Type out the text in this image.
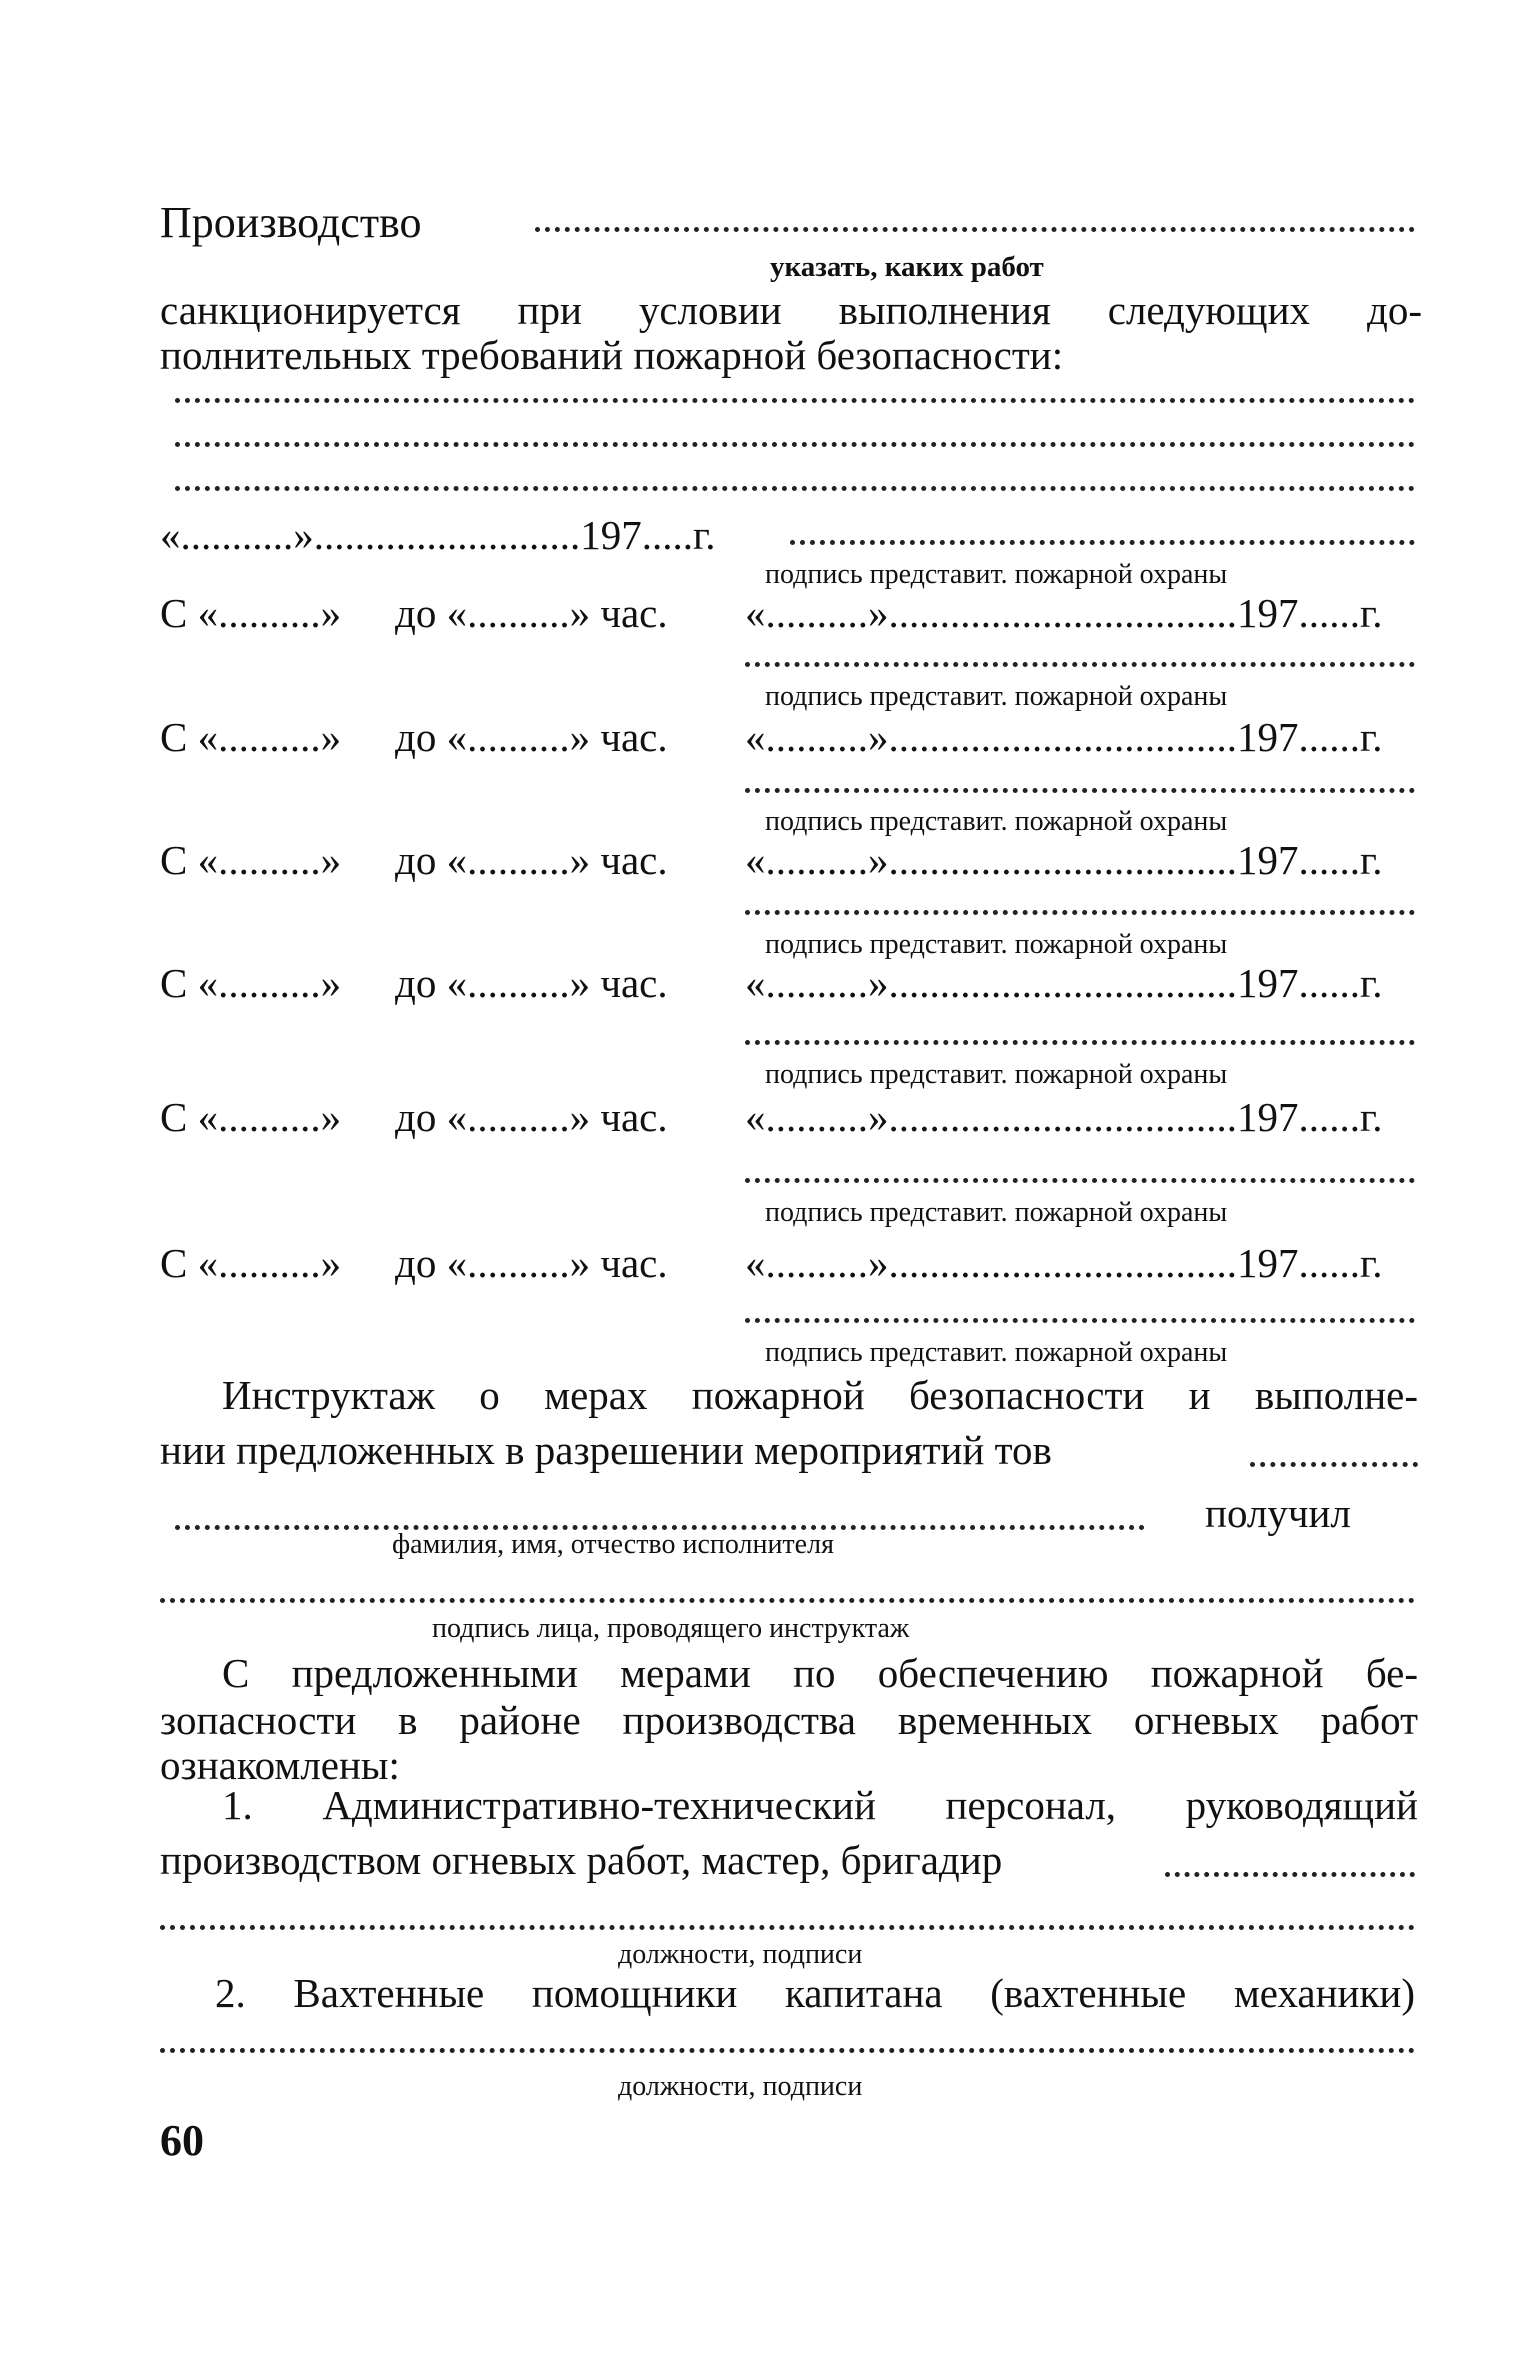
Производство
указать, каких работ
санкционируется при условии выполнения следующих до-
полнительных требований пожарной безопасности:
«...........»..........................197.....г.
подпись представит. пожарной охраны
С «..........» до «..........» час. «..........»..................................197......г.
подпись представит. пожарной охраны
С «..........» до «..........» час. «..........»..................................197......г.
подпись представит. пожарной охраны
С «..........» до «..........» час. «..........»..................................197......г.
подпись представит. пожарной охраны
С «..........» до «..........» час. «..........»..................................197......г.
подпись представит. пожарной охраны
С «..........» до «..........» час. «..........»..................................197......г.
подпись представит. пожарной охраны
С «..........» до «..........» час. «..........»..................................197......г.
подпись представит. пожарной охраны
Инструктаж о мерах пожарной безопасности и выполне-
нии предложенных в разрешении мероприятий тов
получил
фамилия, имя, отчество исполнителя
подпись лица, проводящего инструктаж
С предложенными мерами по обеспечению пожарной бе-
зопасности в районе производства временных огневых работ
ознакомлены:
1. Административно-технический персонал, руководящий
производством огневых работ, мастер, бригадир
должности, подписи
2. Вахтенные помощники капитана (вахтенные механики)
должности, подписи
60
